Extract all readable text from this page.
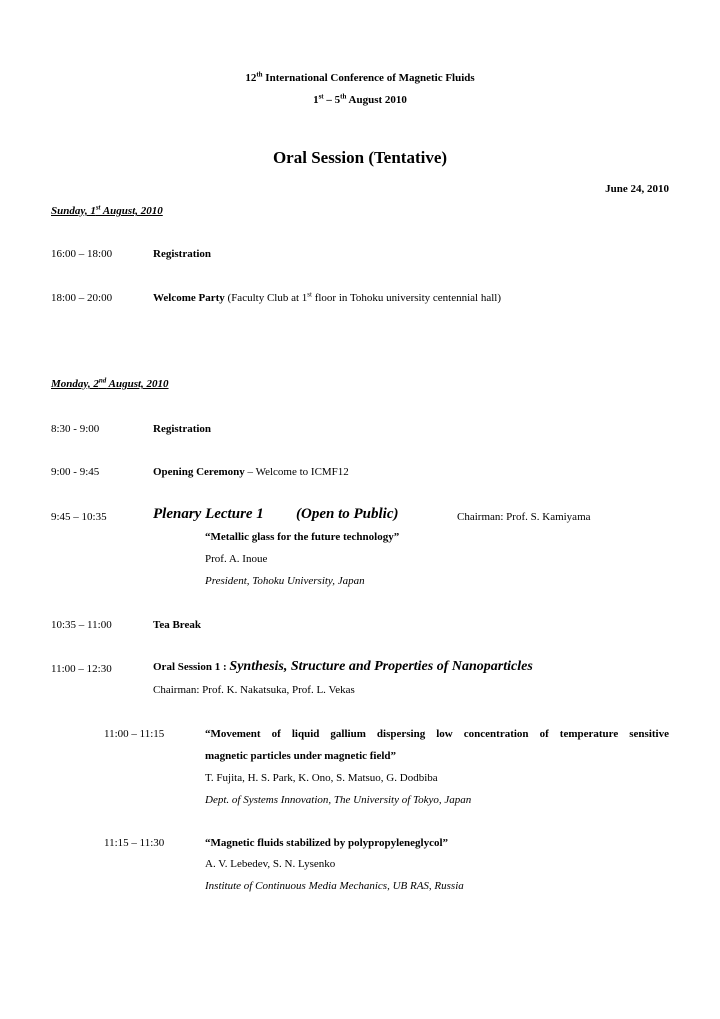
12th International Conference of Magnetic Fluids
1st – 5th August 2010
Oral Session (Tentative)
June 24, 2010
Sunday, 1st August, 2010
16:00 – 18:00	Registration
18:00 – 20:00	Welcome Party (Faculty Club at 1st floor in Tohoku university centennial hall)
Monday, 2nd August, 2010
8:30 - 9:00	Registration
9:00 - 9:45	Opening Ceremony – Welcome to ICMF12
9:45 – 10:35	Plenary Lecture 1 (Open to Public)	Chairman: Prof. S. Kamiyama
“Metallic glass for the future technology”
Prof. A. Inoue
President, Tohoku University, Japan
10:35 – 11:00	Tea Break
11:00 – 12:30	Oral Session 1 : Synthesis, Structure and Properties of Nanoparticles
Chairman: Prof. K. Nakatsuka, Prof. L. Vekas
11:00 – 11:15	“Movement of liquid gallium dispersing low concentration of temperature sensitive
magnetic particles under magnetic field”
T. Fujita, H. S. Park, K. Ono, S. Matsuo, G. Dodbiba
Dept. of Systems Innovation, The University of Tokyo, Japan
11:15 – 11:30	“Magnetic fluids stabilized by polypropyleneglycol”
A. V. Lebedev, S. N. Lysenko
Institute of Continuous Media Mechanics, UB RAS, Russia
